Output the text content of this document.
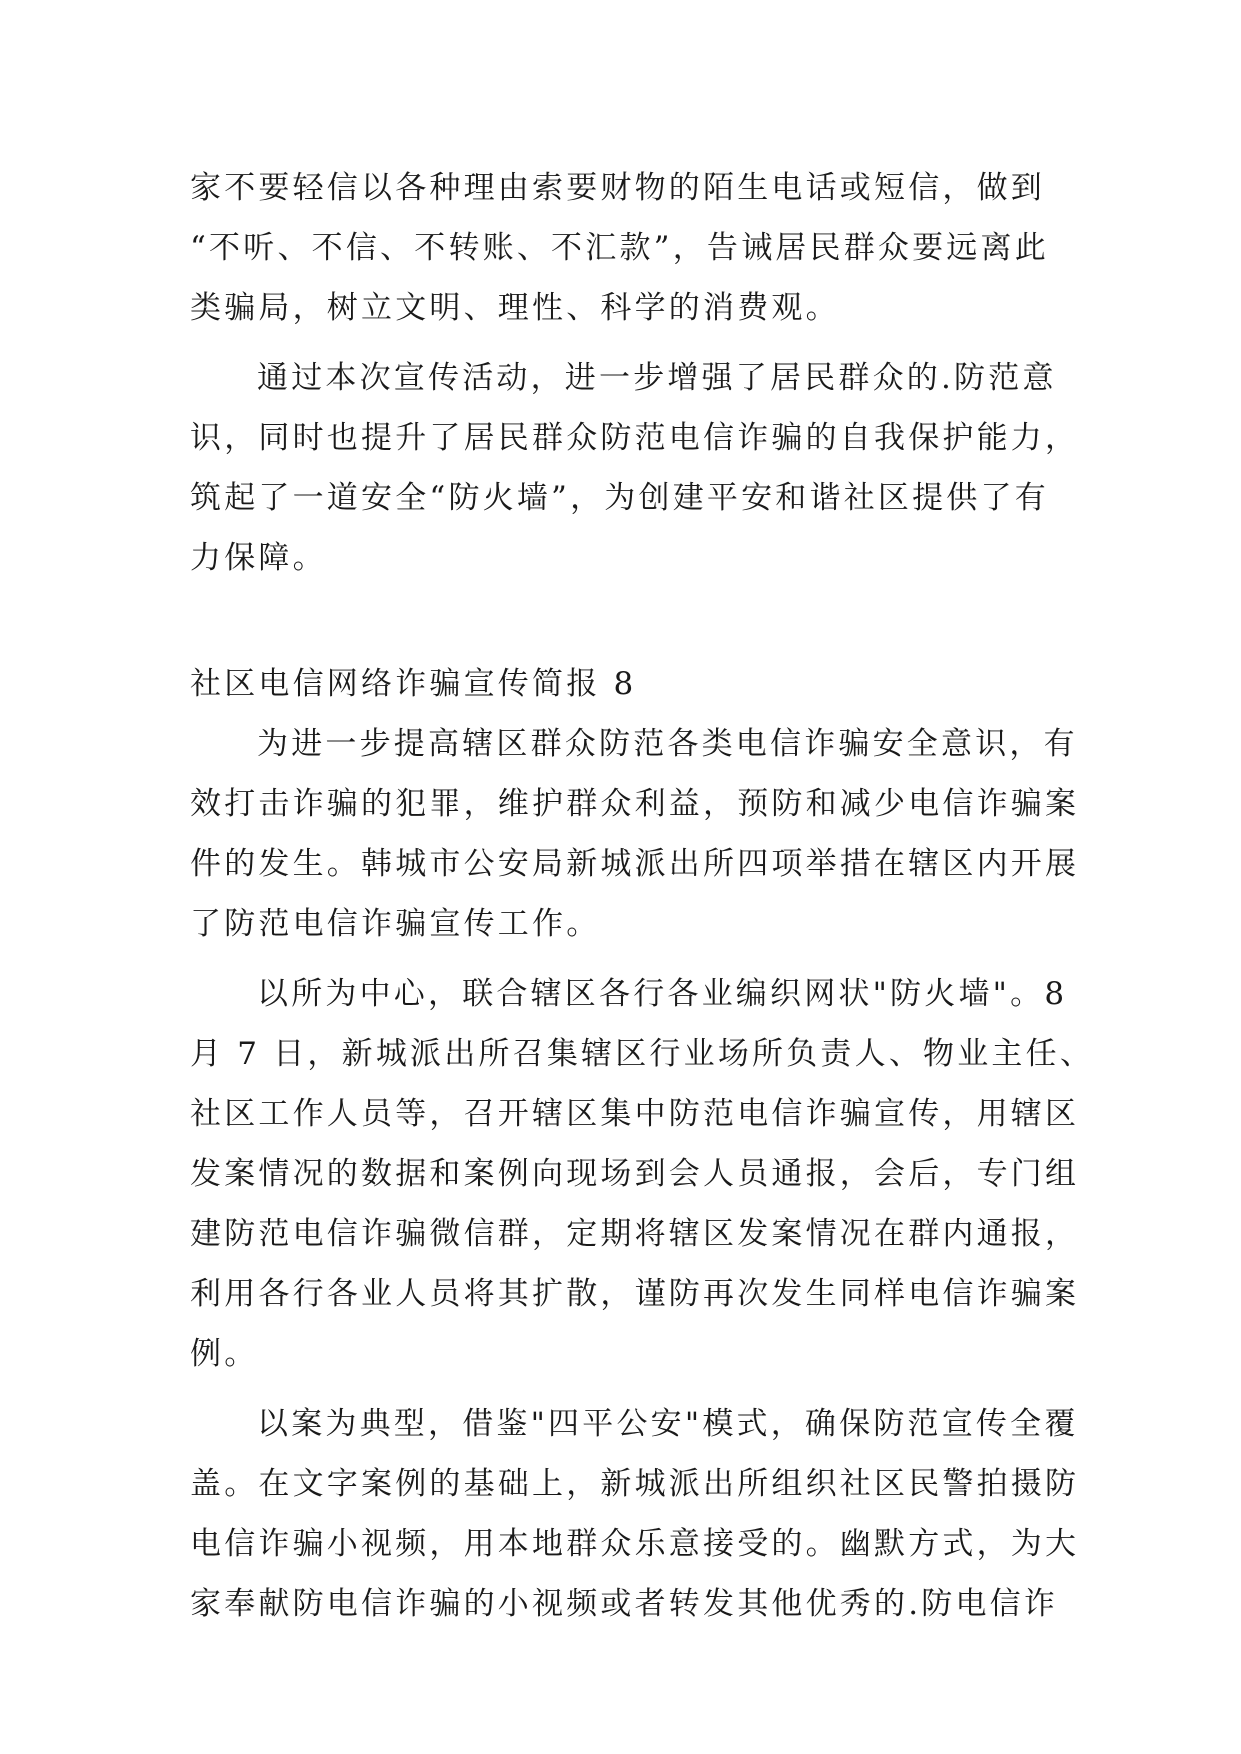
家不要轻信以各种理由索要财物的陌生电话或短信，做到
“不听、不信、不转账、不汇款”，告诫居民群众要远离此
类骗局，树立文明、理性、科学的消费观。
通过本次宣传活动，进一步增强了居民群众的.防范意
识，同时也提升了居民群众防范电信诈骗的自我保护能力，
筑起了一道安全“防火墙”，为创建平安和谐社区提供了有
力保障。
社区电信网络诈骗宣传简报 8
为进一步提高辖区群众防范各类电信诈骗安全意识，有
效打击诈骗的犯罪，维护群众利益，预防和减少电信诈骗案
件的发生。韩城市公安局新城派出所四项举措在辖区内开展
了防范电信诈骗宣传工作。
以所为中心，联合辖区各行各业编织网状"防火墙"。8
月 7 日，新城派出所召集辖区行业场所负责人、物业主任、
社区工作人员等，召开辖区集中防范电信诈骗宣传，用辖区
发案情况的数据和案例向现场到会人员通报，会后，专门组
建防范电信诈骗微信群，定期将辖区发案情况在群内通报，
利用各行各业人员将其扩散，谨防再次发生同样电信诈骗案
例。
以案为典型，借鉴"四平公安"模式，确保防范宣传全覆
盖。在文字案例的基础上，新城派出所组织社区民警拍摄防
电信诈骗小视频，用本地群众乐意接受的。幽默方式，为大
家奉献防电信诈骗的小视频或者转发其他优秀的.防电信诈
